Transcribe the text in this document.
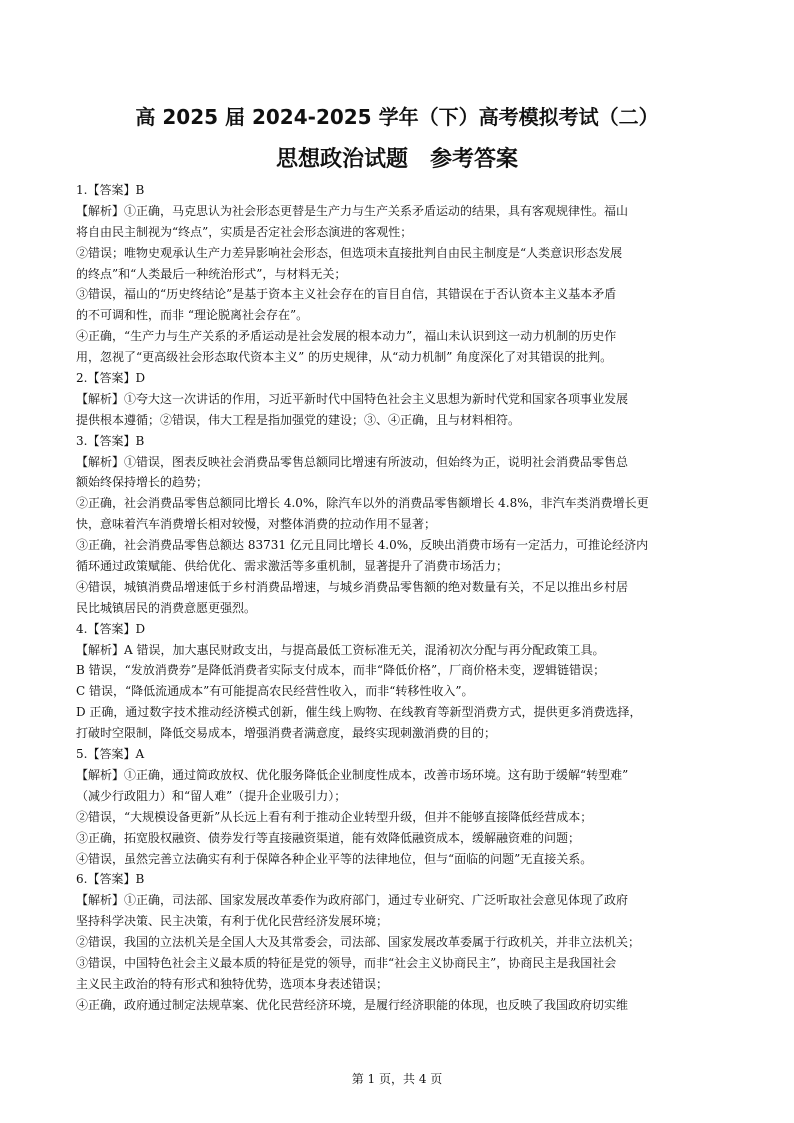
高 2025 届 2024-2025 学年（下）高考模拟考试（二）
思想政治试题　参考答案
1.【答案】B
【解析】①正确，马克思认为社会形态更替是生产力与生产关系矛盾运动的结果，具有客观规律性。福山
将自由民主制视为“终点”，实质是否定社会形态演进的客观性；
②错误；唯物史观承认生产力差异影响社会形态，但选项未直接批判自由民主制度是“人类意识形态发展
的终点”和“人类最后一种统治形式”，与材料无关；
③错误，福山的“历史终结论”是基于资本主义社会存在的盲目自信，其错误在于否认资本主义基本矛盾
的不可调和性，而非 “理论脱离社会存在”。
④正确，“生产力与生产关系的矛盾运动是社会发展的根本动力”，福山未认识到这一动力机制的历史作
用，忽视了“更高级社会形态取代资本主义” 的历史规律，从“动力机制” 角度深化了对其错误的批判。
2.【答案】D
【解析】①夸大这一次讲话的作用，习近平新时代中国特色社会主义思想为新时代党和国家各项事业发展
提供根本遵循；②错误，伟大工程是指加强党的建设；③、④正确，且与材料相符。
3.【答案】B
【解析】①错误，图表反映社会消费品零售总额同比增速有所波动，但始终为正，说明社会消费品零售总
额始终保持增长的趋势；
②正确，社会消费品零售总额同比增长 4.0%，除汽车以外的消费品零售额增长 4.8%，非汽车类消费增长更
快，意味着汽车消费增长相对较慢，对整体消费的拉动作用不显著；
③正确，社会消费品零售总额达 83731 亿元且同比增长 4.0%，反映出消费市场有一定活力，可推论经济内
循环通过政策赋能、供给优化、需求激活等多重机制，显著提升了消费市场活力；
④错误，城镇消费品增速低于乡村消费品增速，与城乡消费品零售额的绝对数量有关，不足以推出乡村居
民比城镇居民的消费意愿更强烈。
4.【答案】D
【解析】A 错误，加大惠民财政支出，与提高最低工资标准无关，混淆初次分配与再分配政策工具。
B 错误，“发放消费券”是降低消费者实际支付成本，而非“降低价格”，厂商价格未变，逻辑链错误；
C 错误，“降低流通成本”有可能提高农民经营性收入，而非“转移性收入”。
D 正确，通过数字技术推动经济模式创新，催生线上购物、在线教育等新型消费方式，提供更多消费选择，
打破时空限制，降低交易成本，增强消费者满意度，最终实现刺激消费的目的；
5.【答案】A
【解析】①正确，通过简政放权、优化服务降低企业制度性成本，改善市场环境。这有助于缓解“转型难”
（减少行政阻力）和“留人难”（提升企业吸引力）；
②错误，“大规模设备更新”从长远上看有利于推动企业转型升级，但并不能够直接降低经营成本；
③正确，拓宽股权融资、债券发行等直接融资渠道，能有效降低融资成本，缓解融资难的问题；
④错误，虽然完善立法确实有利于保障各种企业平等的法律地位，但与“面临的问题”无直接关系。
6.【答案】B
【解析】①正确，司法部、国家发展改革委作为政府部门，通过专业研究、广泛听取社会意见体现了政府
坚持科学决策、民主决策，有利于优化民营经济发展环境；
②错误，我国的立法机关是全国人大及其常委会，司法部、国家发展改革委属于行政机关，并非立法机关；
③错误，中国特色社会主义最本质的特征是党的领导，而非“社会主义协商民主”，协商民主是我国社会
主义民主政治的特有形式和独特优势，选项本身表述错误；
④正确，政府通过制定法规草案、优化民营经济环境，是履行经济职能的体现，也反映了我国政府切实维
第 1 页，共 4 页
